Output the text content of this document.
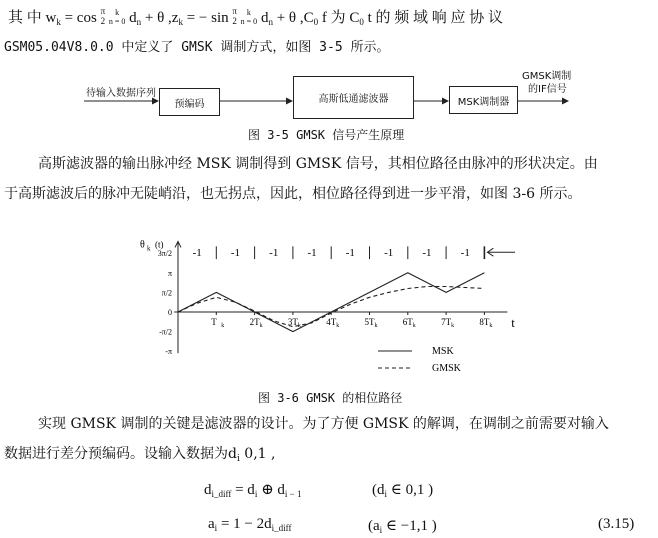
其 中 $w_k = \cos \pi$
2 k
n = 0 $d_n + \theta$ $,z_k$ = − sin π
2 k
n = 0 $d_n + \theta$ $,C_0$ f 为 $C_0$ t 的 频 域 响 应 协 议
GSM05.04V8.0.0 中定义了 GMSK 调制方式，如图 3-5 所示。
待输入数据序列
预编码	高斯低通滤波器	MSK调制器
GMSK调制
的IF信号
图 3-5 GMSK 信号产生原理
高斯滤波器的输出脉冲经 MSK 调制得到 GMSK 信号，其相位路径由脉冲的形状决定。由
于高斯滤波后的脉冲无陡峭沿，也无拐点，因此，相位路径得到进一步平滑，如图 3-6 所示。
θ k (t)
3π/2
π
π/2
0
-π/2
-π
T k	2T k	3T k	4T k	5T k	6T k	7T k	8T k t
-1	-1	-1	-1	-1	-1	-1	-1
MSK
GMSK
图 3-6 GMSK 的相位路径
实现 GMSK 调制的关键是滤波器的设计。为了方便 GMSK 的解调，在调制之前需要对输入
数据进行差分预编码。设输入数据为$d_i$ 0,1 ,
$d_{i\_diff} = d_i$ ⊕ $d_{i - 1}$	($d_i$ ∈ 0,1 )
$a_i = 1 - 2d_{i\_diff}$	($a_i$ ∈ −1,1 )	(3.15)
